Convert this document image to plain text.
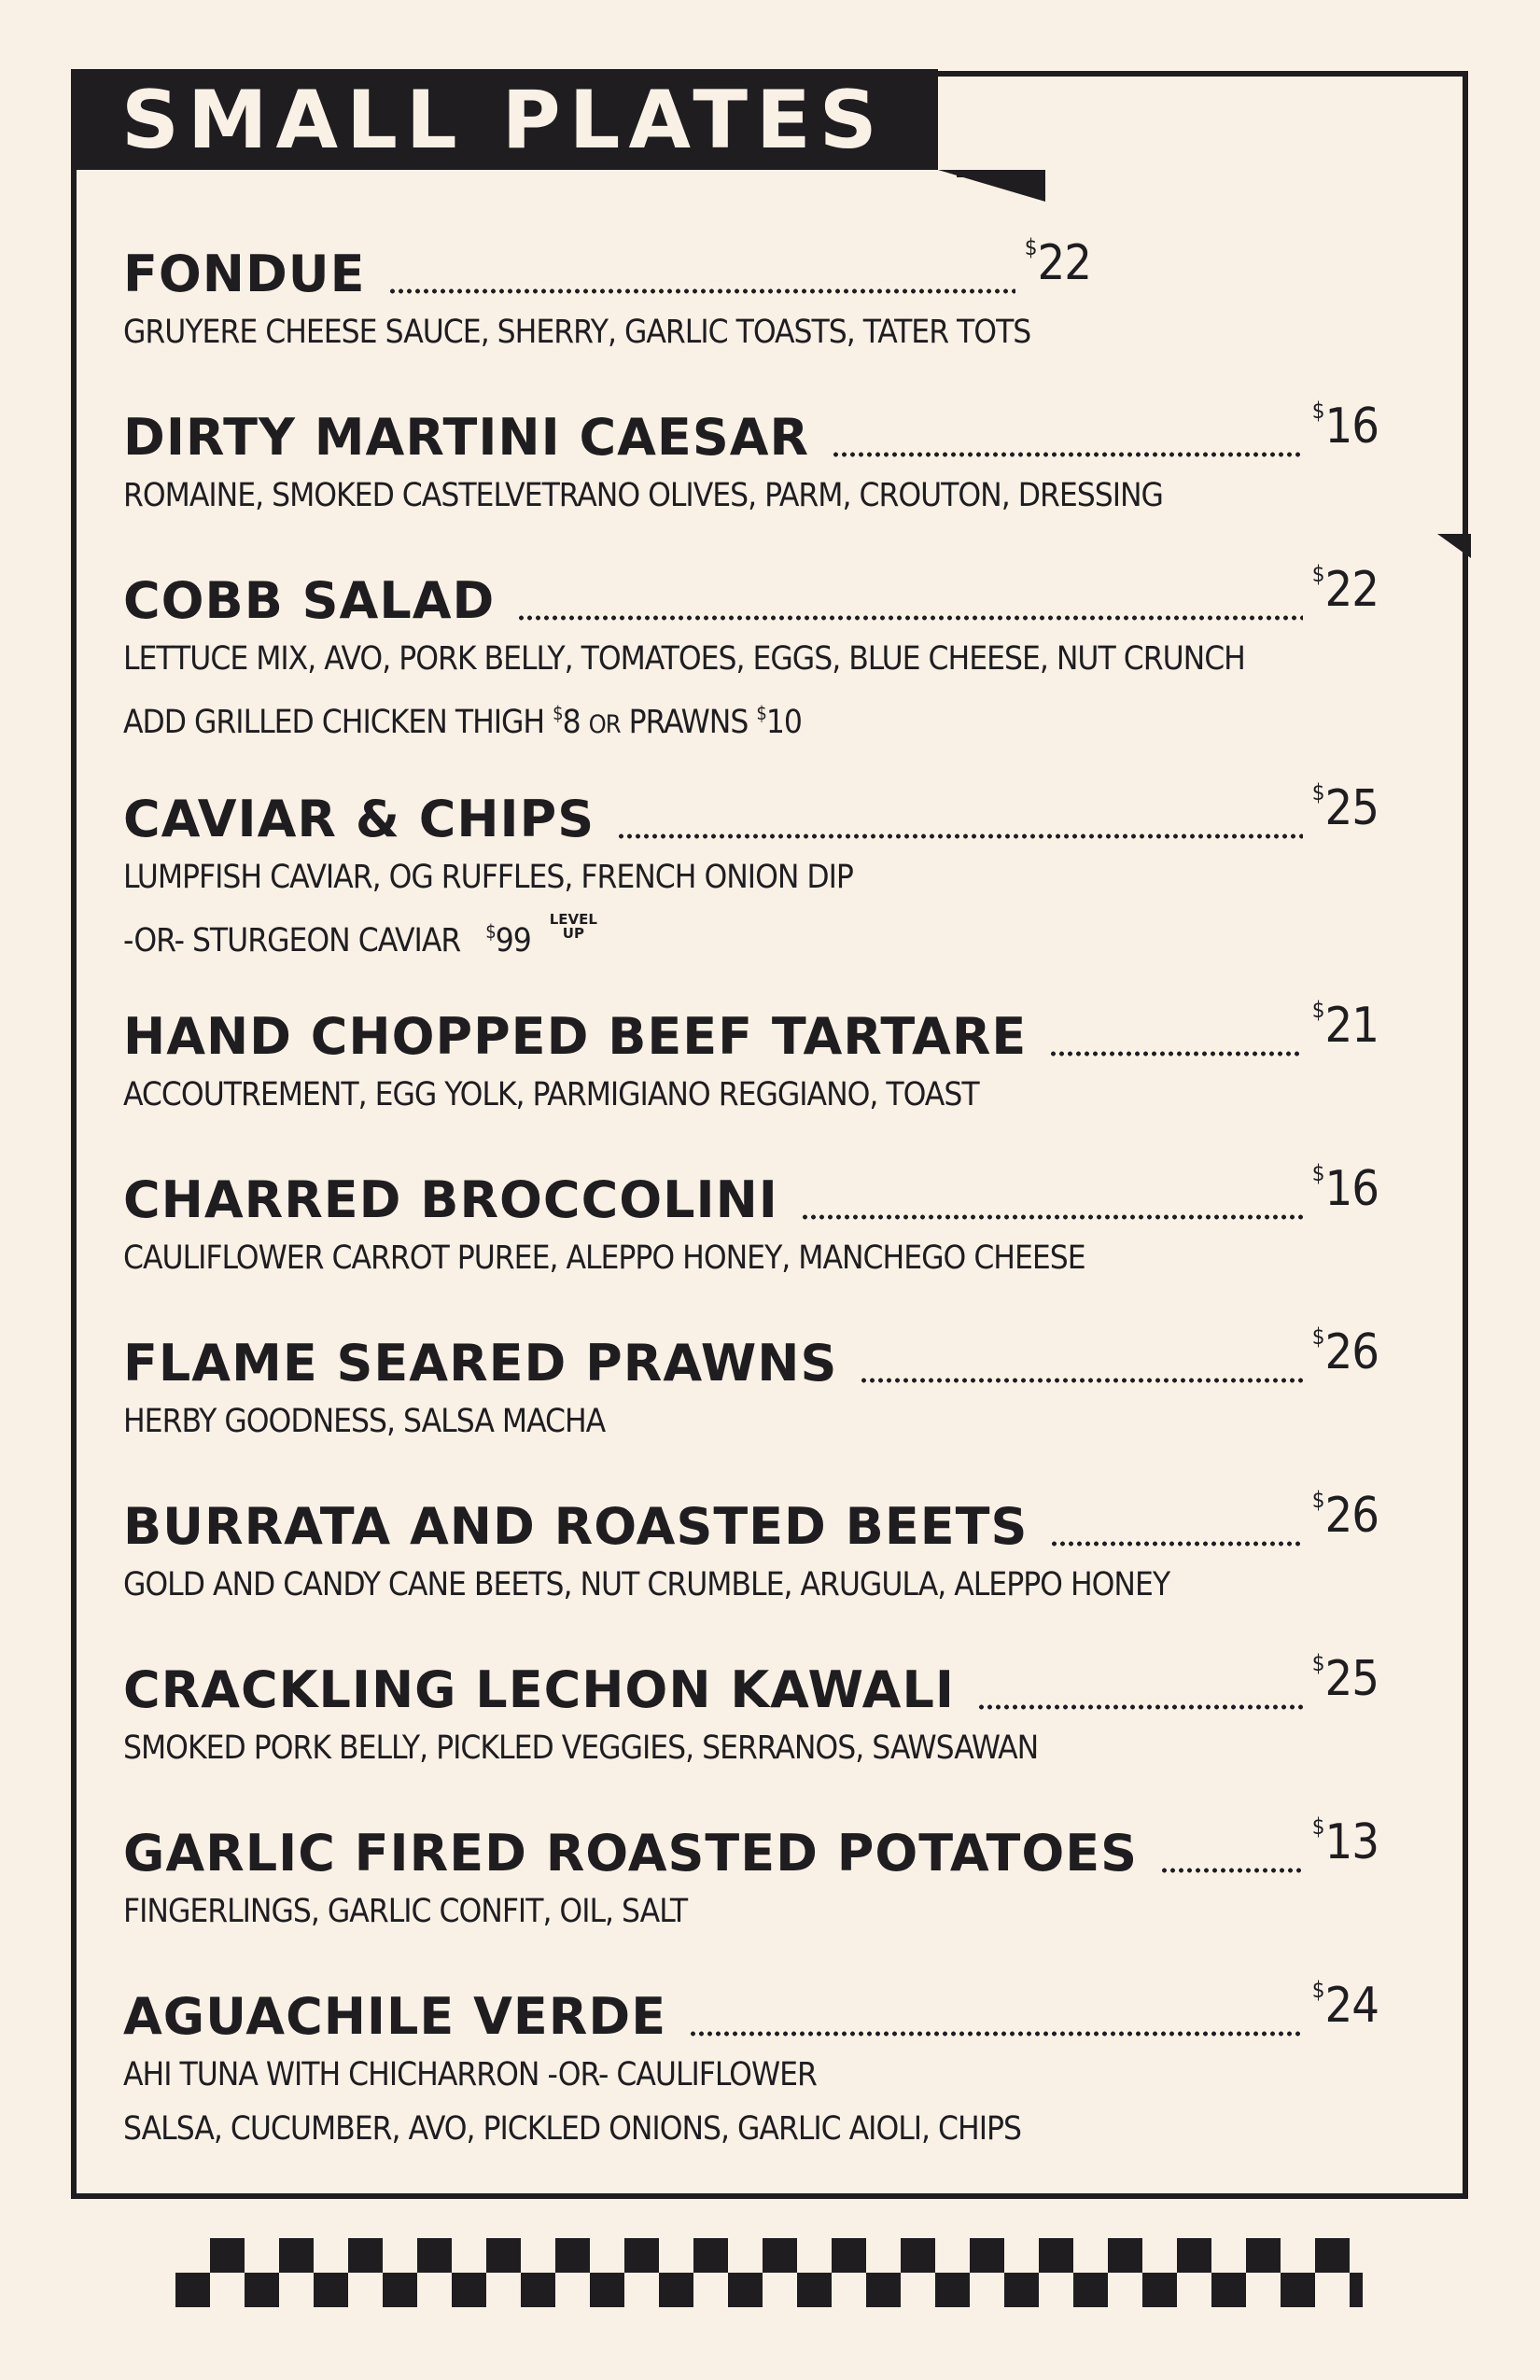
SMALL PLATES
FONDUE	$22
GRUYERE CHEESE SAUCE, SHERRY, GARLIC TOASTS, TATER TOTS
DIRTY MARTINI CAESAR	$16
ROMAINE, SMOKED CASTELVETRANO OLIVES, PARM, CROUTON, DRESSING
COBB SALAD	$22
LETTUCE MIX, AVO, PORK BELLY, TOMATOES, EGGS, BLUE CHEESE, NUT CRUNCH
ADD GRILLED CHICKEN THIGH $8 OR PRAWNS $10
CAVIAR & CHIPS	$25
LUMPFISH CAVIAR, OG RUFFLES, FRENCH ONION DIP
-OR- STURGEON CAVIAR $99LEVEL
UP
HAND CHOPPED BEEF TARTARE	$21
ACCOUTREMENT, EGG YOLK, PARMIGIANO REGGIANO, TOAST
CHARRED BROCCOLINI	$16
CAULIFLOWER CARROT PUREE, ALEPPO HONEY, MANCHEGO CHEESE
FLAME SEARED PRAWNS	$26
HERBY GOODNESS, SALSA MACHA
BURRATA AND ROASTED BEETS	$26
GOLD AND CANDY CANE BEETS, NUT CRUMBLE, ARUGULA, ALEPPO HONEY
CRACKLING LECHON KAWALI	$25
SMOKED PORK BELLY, PICKLED VEGGIES, SERRANOS, SAWSAWAN
GARLIC FIRED ROASTED POTATOES	$13
FINGERLINGS, GARLIC CONFIT, OIL, SALT
AGUACHILE VERDE	$24
AHI TUNA WITH CHICHARRON -OR- CAULIFLOWER
SALSA, CUCUMBER, AVO, PICKLED ONIONS, GARLIC AIOLI, CHIPS
